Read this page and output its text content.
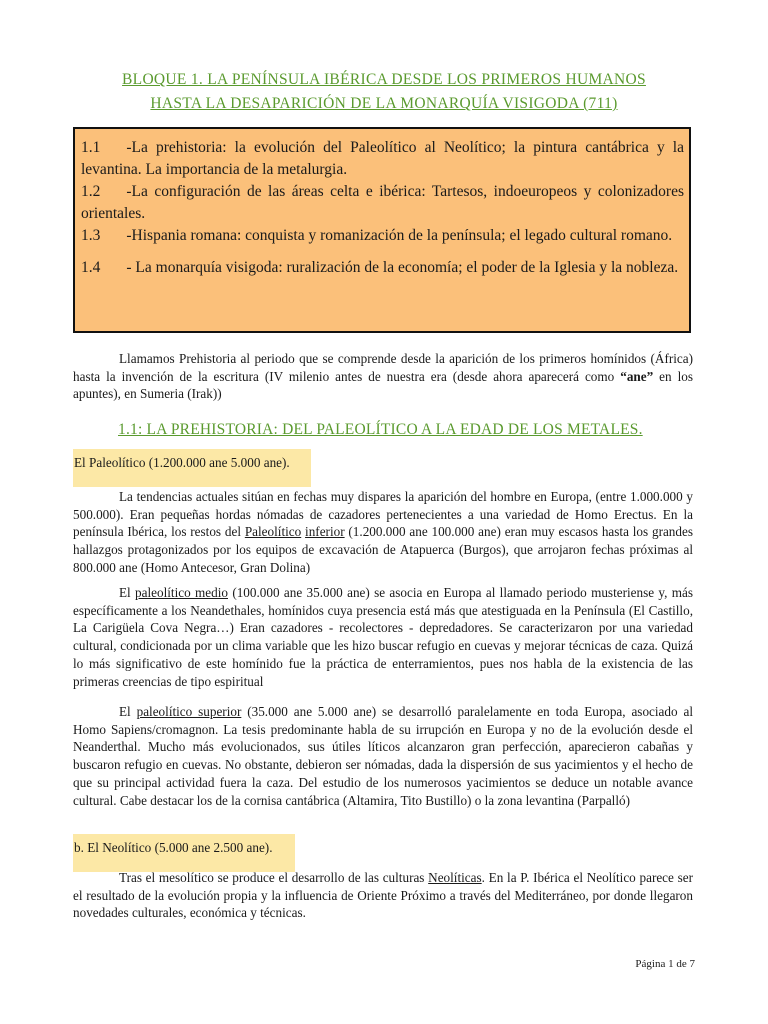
BLOQUE 1. LA PENÍNSULA IBÉRICA DESDE LOS PRIMEROS HUMANOS
HASTA LA DESAPARICIÓN DE LA MONARQUÍA VISIGODA (711)

1.1 -La prehistoria: la evolución del Paleolítico al Neolítico; la pintura cantábrica y la levantina. La importancia de la metalurgia.

1.2 -La configuración de las áreas celta e ibérica: Tartesos, indoeuropeos y colonizadores orientales.

1.3 -Hispania romana: conquista y romanización de la península; el legado cultural romano.

1.4 - La monarquía visigoda: ruralización de la economía; el poder de la Iglesia y la nobleza.

Llamamos Prehistoria al periodo que se comprende desde la aparición de los primeros homínidos (África) hasta la invención de la escritura (IV milenio antes de nuestra era (desde ahora aparecerá como “ane” en los apuntes), en Sumeria (Irak))

1.1: LA PREHISTORIA: DEL PALEOLÍTICO A LA EDAD DE LOS METALES.
El Paleolítico (1.200.000 ane 5.000 ane).

La tendencias actuales sitúan en fechas muy dispares la aparición del hombre en Europa, (entre 1.000.000 y 500.000). Eran pequeñas hordas nómadas de cazadores pertenecientes a una variedad de Homo Erectus. En la península Ibérica, los restos del Paleolítico inferior (1.200.000 ane 100.000 ane) eran muy escasos hasta los grandes hallazgos protagonizados por los equipos de excavación de Atapuerca (Burgos), que arrojaron fechas próximas al 800.000 ane (Homo Antecesor, Gran Dolina)

El paleolítico medio (100.000 ane 35.000 ane) se asocia en Europa al llamado periodo musteriense y, más específicamente a los Neandethales, homínidos cuya presencia está más que atestiguada en la Península (El Castillo, La Carigüela Cova Negra…) Eran cazadores - recolectores - depredadores. Se caracterizaron por una variedad cultural, condicionada por un clima variable que les hizo buscar refugio en cuevas y mejorar técnicas de caza. Quizá lo más significativo de este homínido fue la práctica de enterramientos, pues nos habla de la existencia de las primeras creencias de tipo espiritual

El paleolítico superior (35.000 ane 5.000 ane) se desarrolló paralelamente en toda Europa, asociado al Homo Sapiens/cromagnon. La tesis predominante habla de su irrupción en Europa y no de la evolución desde el Neanderthal. Mucho más evolucionados, sus útiles líticos alcanzaron gran perfección, aparecieron cabañas y buscaron refugio en cuevas. No obstante, debieron ser nómadas, dada la dispersión de sus yacimientos y el hecho de que su principal actividad fuera la caza. Del estudio de los numerosos yacimientos se deduce un notable avance cultural. Cabe destacar los de la cornisa cantábrica (Altamira, Tito Bustillo) o la zona levantina (Parpalló)

b. El Neolítico (5.000 ane 2.500 ane).

Tras el mesolítico se produce el desarrollo de las culturas Neolíticas. En la P. Ibérica el Neolítico parece ser el resultado de la evolución propia y la influencia de Oriente Próximo a través del Mediterráneo, por donde llegaron novedades culturales, económica y técnicas.

Página 1 de 7
